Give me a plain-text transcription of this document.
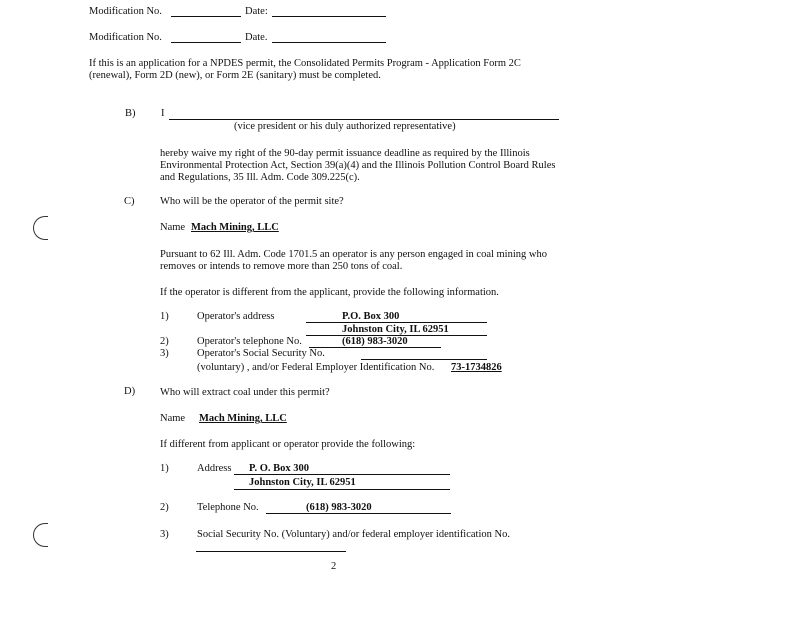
Modification No.	Date:
Modification No.	Date.
If this is an application for a NPDES permit, the Consolidated Permits Program - Application Form 2C
(renewal), Form 2D (new), or Form 2E (sanitary) must be completed.
B) I
(vice president or his duly authorized representative)
hereby waive my right of the 90-day permit issuance deadline as required by the Illinois
Environmental Protection Act, Section 39(a)(4) and the Illinois Pollution Control Board Rules
and Regulations, 35 Ill. Adm. Code 309.225(c).
C) Who will be the operator of the permit site?
Name Mach Mining, LLC
Pursuant to 62 Ill. Adm. Code 1701.5 an operator is any person engaged in coal mining who
removes or intends to remove more than 250 tons of coal.
If the operator is different from the applicant, provide the following information.
1)	Operator's address	P.O. Box 300
Johnston City, IL 62951
2)	Operator's telephone No.	(618) 983-3020
3)	Operator's Social Security No.
(voluntary) , and/or Federal Employer Identification No. 73-1734826
D) Who will extract coal under this permit?
Name Mach Mining, LLC
If different from applicant or operator provide the following:
1)	Address P. O. Box 300
Johnston City, IL 62951
2)	Telephone No.	(618) 983-3020
3)	Social Security No. (Voluntary) and/or federal employer identification No.
2
